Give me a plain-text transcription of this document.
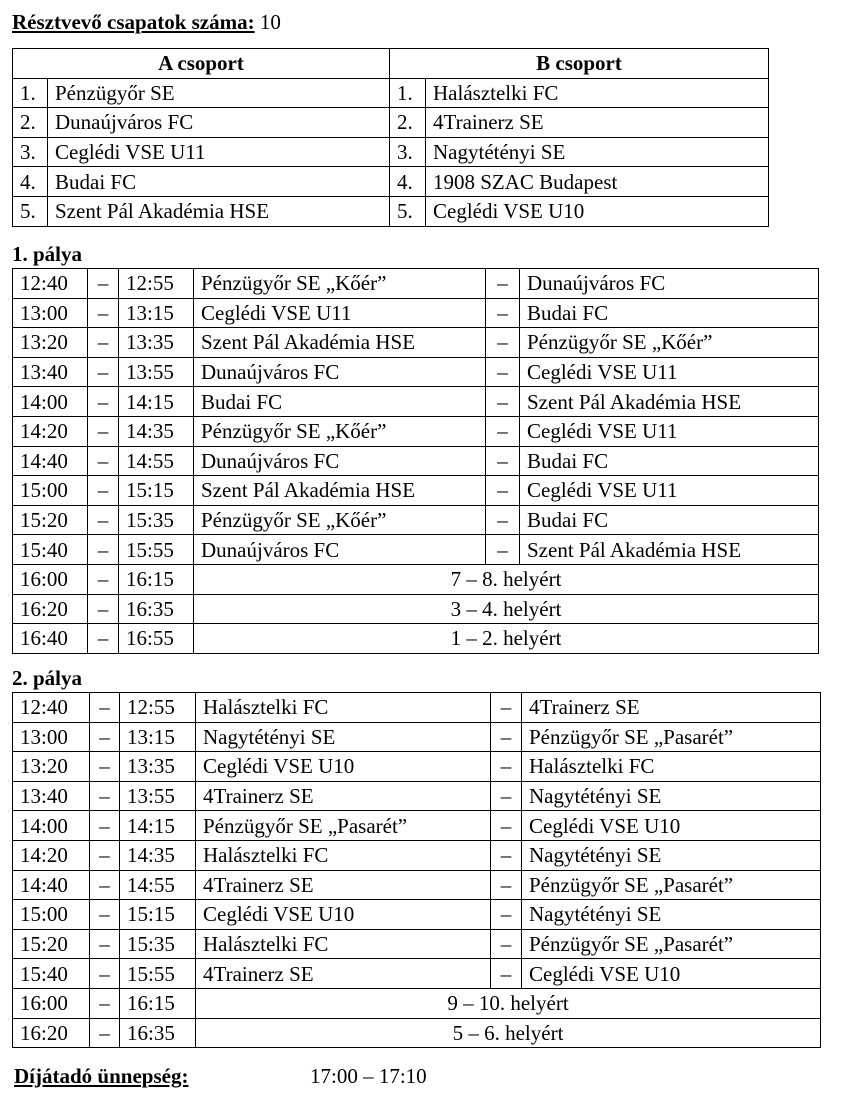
Résztvevő csapatok száma: 10
A csoport		B csoport	
1.	Pénzügyőr SE	1.	Halásztelki FC
2.	Dunaújváros FC	2.	4Trainerz SE
3.	Ceglédi VSE U11	3.	Nagytétényi SE
4.	Budai FC	4.	1908 SZAC Budapest
5.	Szent Pál Akadémia HSE	5.	Ceglédi VSE U10
1. pálya
12:40	–	12:55	Pénzügyőr SE „Kőér”	–	Dunaújváros FC
13:00	–	13:15	Ceglédi VSE U11	–	Budai FC
13:20	–	13:35	Szent Pál Akadémia HSE	–	Pénzügyőr SE „Kőér”
13:40	–	13:55	Dunaújváros FC	–	Ceglédi VSE U11
14:00	–	14:15	Budai FC	–	Szent Pál Akadémia HSE
14:20	–	14:35	Pénzügyőr SE „Kőér”	–	Ceglédi VSE U11
14:40	–	14:55	Dunaújváros FC	–	Budai FC
15:00	–	15:15	Szent Pál Akadémia HSE	–	Ceglédi VSE U11
15:20	–	15:35	Pénzügyőr SE „Kőér”	–	Budai FC
15:40	–	15:55	Dunaújváros FC	–	Szent Pál Akadémia HSE
16:00	–	16:15	7 – 8. helyért		
16:20	–	16:35	3 – 4. helyért		
16:40	–	16:55	1 – 2. helyért		
2. pálya
12:40	–	12:55	Halásztelki FC	–	4Trainerz SE
13:00	–	13:15	Nagytétényi SE	–	Pénzügyőr SE „Pasarét”
13:20	–	13:35	Ceglédi VSE U10	–	Halásztelki FC
13:40	–	13:55	4Trainerz SE	–	Nagytétényi SE
14:00	–	14:15	Pénzügyőr SE „Pasarét”	–	Ceglédi VSE U10
14:20	–	14:35	Halásztelki FC	–	Nagytétényi SE
14:40	–	14:55	4Trainerz SE	–	Pénzügyőr SE „Pasarét”
15:00	–	15:15	Ceglédi VSE U10	–	Nagytétényi SE
15:20	–	15:35	Halásztelki FC	–	Pénzügyőr SE „Pasarét”
15:40	–	15:55	4Trainerz SE	–	Ceglédi VSE U10
16:00	–	16:15	9 – 10. helyért		
16:20	–	16:35	5 – 6. helyért		
Díjátadó ünnepség:	17:00 – 17:10
